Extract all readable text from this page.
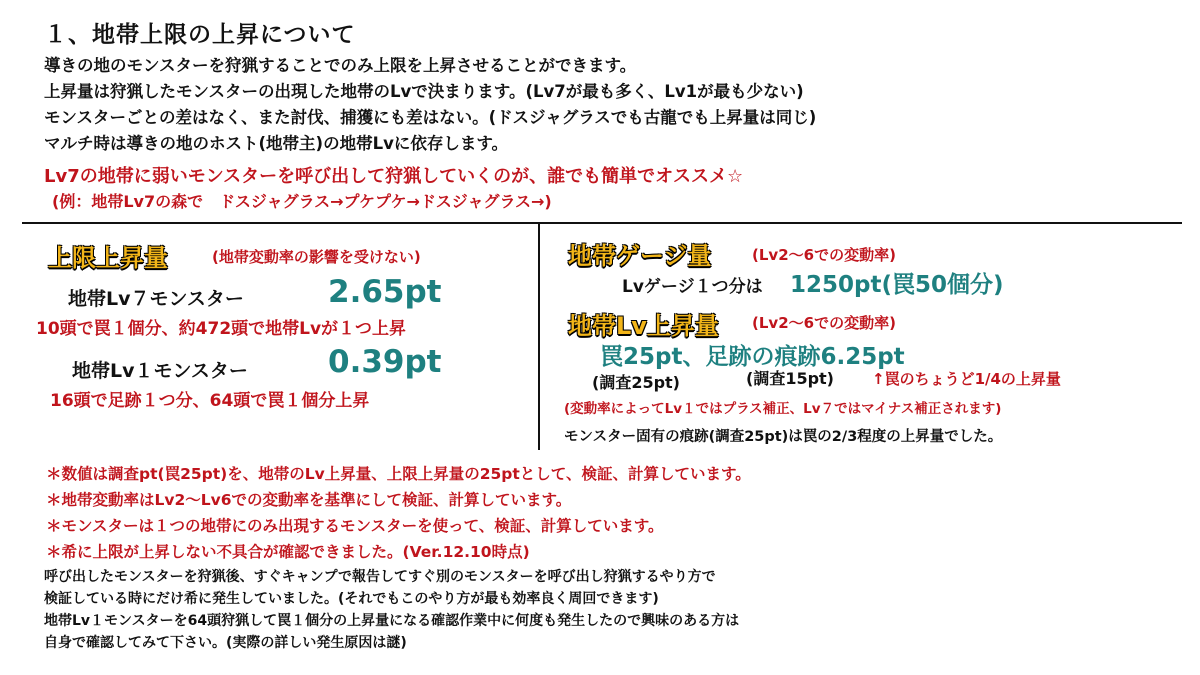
１、地帯上限の上昇について
導きの地のモンスターを狩猟することでのみ上限を上昇させることができます。
上昇量は狩猟したモンスターの出現した地帯のLvで決まります。(Lv7が最も多く、Lv1が最も少ない)
モンスターごとの差はなく、また討伐、捕獲にも差はない。(ドスジャグラスでも古龍でも上昇量は同じ)
マルチ時は導きの地のホスト(地帯主)の地帯Lvに依存します。
Lv7の地帯に弱いモンスターを呼び出して狩猟していくのが、誰でも簡単でオススメ☆
(例：地帯Lv7の森で　ドスジャグラス→プケプケ→ドスジャグラス→)
上限上昇量	(地帯変動率の影響を受けない)
地帯Lv７モンスター	2.65pt
10頭で罠１個分、約472頭で地帯Lvが１つ上昇
地帯Lv１モンスター	0.39pt
16頭で足跡１つ分、64頭で罠１個分上昇
地帯ゲージ量	(Lv2～6での変動率)
Lvゲージ１つ分は 1250pt(罠50個分)
地帯Lv上昇量 (Lv2～6での変動率)
罠25pt、足跡の痕跡6.25pt
(調査25pt)	(調査15pt)	↑罠のちょうど1/4の上昇量
(変動率によってLv１ではプラス補正、Lv７ではマイナス補正されます)
モンスター固有の痕跡(調査25pt)は罠の2/3程度の上昇量でした。
＊数値は調査pt(罠25pt)を、地帯のLv上昇量、上限上昇量の25ptとして、検証、計算しています。
＊地帯変動率はLv2～Lv6での変動率を基準にして検証、計算しています。
＊モンスターは１つの地帯にのみ出現するモンスターを使って、検証、計算しています。
＊希に上限が上昇しない不具合が確認できました。(Ver.12.10時点)
呼び出したモンスターを狩猟後、すぐキャンプで報告してすぐ別のモンスターを呼び出し狩猟するやり方で
検証している時にだけ希に発生していました。(それでもこのやり方が最も効率良く周回できます)
地帯Lv１モンスターを64頭狩猟して罠１個分の上昇量になる確認作業中に何度も発生したので興味のある方は
自身で確認してみて下さい。(実際の詳しい発生原因は謎)
